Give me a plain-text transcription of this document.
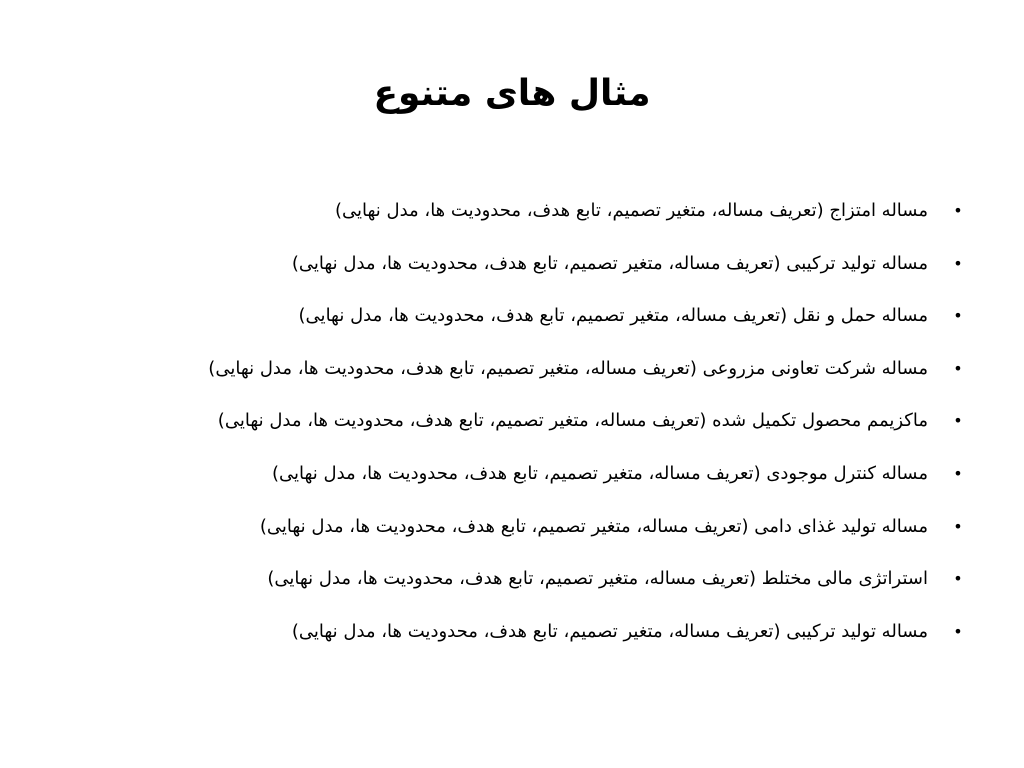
مثال های متنوع
•
مساله امتزاج (تعریف مساله، متغیر تصمیم، تابع هدف، محدودیت ها، مدل نهایی)
•
مساله تولید ترکیبی (تعریف مساله، متغیر تصمیم، تابع هدف، محدودیت ها، مدل نهایی)
•
مساله حمل و نقل (تعریف مساله، متغیر تصمیم، تابع هدف، محدودیت ها، مدل نهایی)
•
مساله شرکت تعاونی مزروعی (تعریف مساله، متغیر تصمیم، تابع هدف، محدودیت ها، مدل نهایی)
•
ماکزیمم محصول تکمیل شده (تعریف مساله، متغیر تصمیم، تابع هدف، محدودیت ها، مدل نهایی)
•
مساله کنترل موجودی (تعریف مساله، متغیر تصمیم، تابع هدف، محدودیت ها، مدل نهایی)
•
مساله تولید غذای دامی (تعریف مساله، متغیر تصمیم، تابع هدف، محدودیت ها، مدل نهایی)
•
استراتژی مالی مختلط (تعریف مساله، متغیر تصمیم، تابع هدف، محدودیت ها، مدل نهایی)
•
مساله تولید ترکیبی (تعریف مساله، متغیر تصمیم، تابع هدف، محدودیت ها، مدل نهایی)
